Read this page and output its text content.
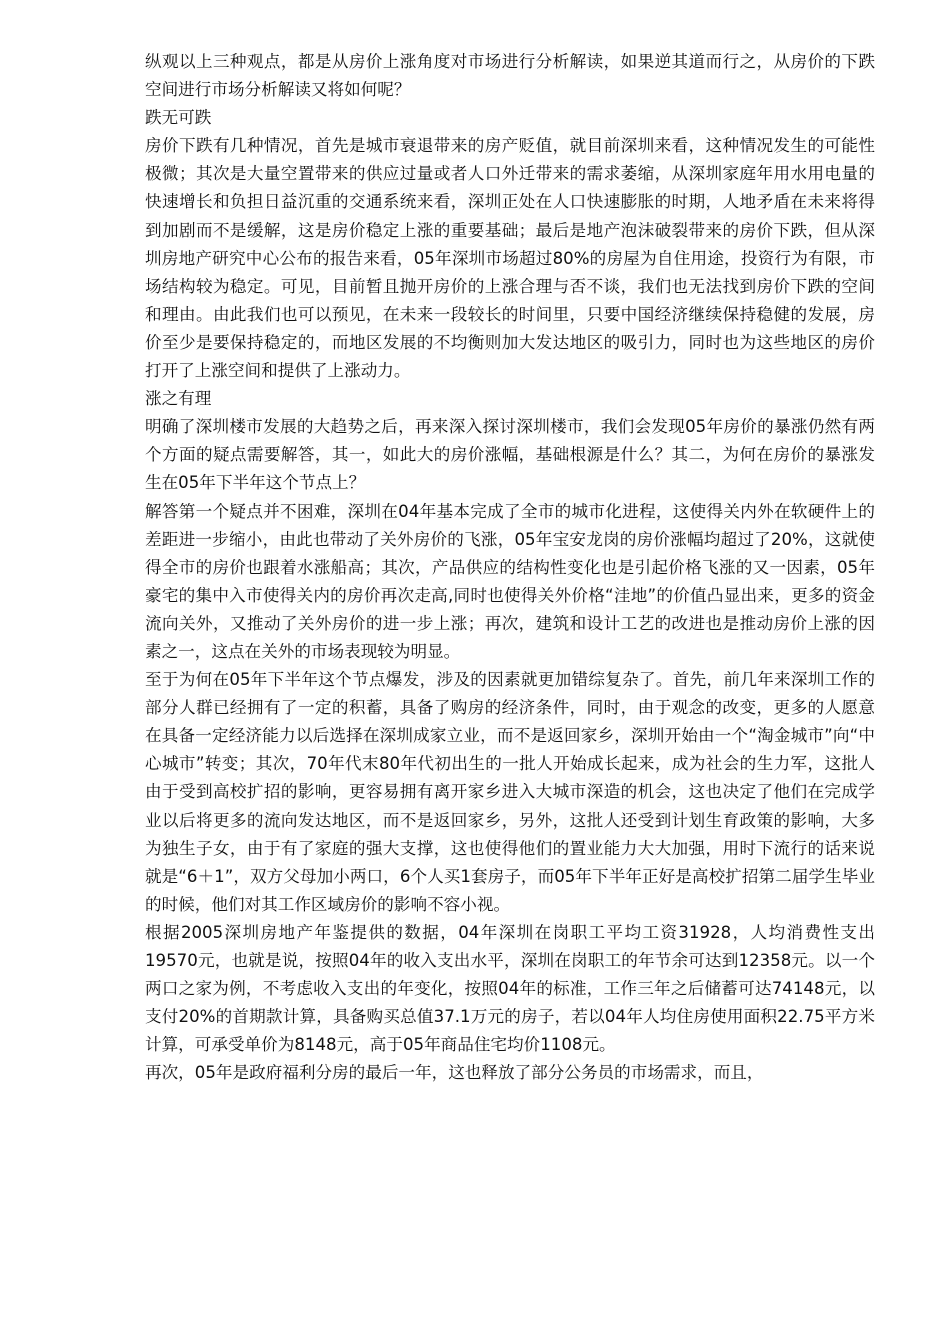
纵观以上三种观点，都是从房价上涨角度对市场进行分析解读，如果逆其道而行之，从房价的下跌空间进行市场分析解读又将如何呢？

跌无可跌

房价下跌有几种情况，首先是城市衰退带来的房产贬值，就目前深圳来看，这种情况发生的可能性极微；其次是大量空置带来的供应过量或者人口外迁带来的需求萎缩，从深圳家庭年用水用电量的快速增长和负担日益沉重的交通系统来看，深圳正处在人口快速膨胀的时期，人地矛盾在未来将得到加剧而不是缓解，这是房价稳定上涨的重要基础；最后是地产泡沫破裂带来的房价下跌，但从深圳房地产研究中心公布的报告来看，05年深圳市场超过80%的房屋为自住用途，投资行为有限，市场结构较为稳定。可见，目前暂且抛开房价的上涨合理与否不谈，我们也无法找到房价下跌的空间和理由。由此我们也可以预见，在未来一段较长的时间里，只要中国经济继续保持稳健的发展，房价至少是要保持稳定的，而地区发展的不均衡则加大发达地区的吸引力，同时也为这些地区的房价打开了上涨空间和提供了上涨动力。

涨之有理

明确了深圳楼市发展的大趋势之后，再来深入探讨深圳楼市，我们会发现05年房价的暴涨仍然有两个方面的疑点需要解答，其一，如此大的房价涨幅，基础根源是什么？其二，为何在房价的暴涨发生在05年下半年这个节点上？

解答第一个疑点并不困难，深圳在04年基本完成了全市的城市化进程，这使得关内外在软硬件上的差距进一步缩小，由此也带动了关外房价的飞涨，05年宝安龙岗的房价涨幅均超过了20%，这就使得全市的房价也跟着水涨船高；其次，产品供应的结构性变化也是引起价格飞涨的又一因素，05年豪宅的集中入市使得关内的房价再次走高,同时也使得关外价格“洼地”的价值凸显出来，更多的资金流向关外，又推动了关外房价的进一步上涨；再次，建筑和设计工艺的改进也是推动房价上涨的因素之一，这点在关外的市场表现较为明显。

至于为何在05年下半年这个节点爆发，涉及的因素就更加错综复杂了。首先，前几年来深圳工作的部分人群已经拥有了一定的积蓄，具备了购房的经济条件，同时，由于观念的改变，更多的人愿意在具备一定经济能力以后选择在深圳成家立业，而不是返回家乡，深圳开始由一个“淘金城市”向“中心城市”转变；其次，70年代末80年代初出生的一批人开始成长起来，成为社会的生力军，这批人由于受到高校扩招的影响，更容易拥有离开家乡进入大城市深造的机会，这也决定了他们在完成学业以后将更多的流向发达地区，而不是返回家乡，另外，这批人还受到计划生育政策的影响，大多为独生子女，由于有了家庭的强大支撑，这也使得他们的置业能力大大加强，用时下流行的话来说就是“6＋1”，双方父母加小两口，6个人买1套房子，而05年下半年正好是高校扩招第二届学生毕业的时候，他们对其工作区域房价的影响不容小视。

根据2005深圳房地产年鉴提供的数据，04年深圳在岗职工平均工资31928，人均消费性支出19570元，也就是说，按照04年的收入支出水平，深圳在岗职工的年节余可达到12358元。以一个两口之家为例，不考虑收入支出的年变化，按照04年的标准，工作三年之后储蓄可达74148元，以支付20%的首期款计算，具备购买总值37.1万元的房子，若以04年人均住房使用面积22.75平方米计算，可承受单价为8148元，高于05年商品住宅均价1108元。

再次，05年是政府福利分房的最后一年，这也释放了部分公务员的市场需求，而且，
